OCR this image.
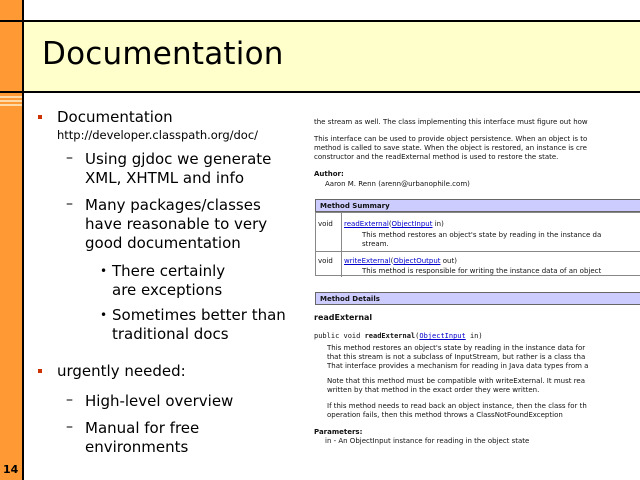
Documentation
14
Documentation
http://developer.classpath.org/doc/
– Using gjdoc we generate
XML, XHTML and info
– Many packages/classes
have reasonable to very
good documentation
• There certainly
are exceptions
• Sometimes better than
traditional docs
urgently needed:
– High-level overview
– Manual for free
environments
the stream as well. The class implementing this interface must figure out how
This interface can be used to provide object persistence. When an object is to
method is called to save state. When the object is restored, an instance is cre
constructor and the readExternal method is used to restore the state.
Author:
Aaron M. Renn (arenn@urbanophile.com)
Method Summary
void	readExternal(ObjectInput in)
This method restores an object's state by reading in the instance da
stream.
void	writeExternal(ObjectOutput out)
This method is responsible for writing the instance data of an object
Method Details
readExternal
public void readExternal(ObjectInput in)
This method restores an object's state by reading in the instance data for
that this stream is not a subclass of InputStream, but rather is a class tha
That interface provides a mechanism for reading in Java data types from a
Note that this method must be compatible with writeExternal. It must rea
written by that method in the exact order they were written.
If this method needs to read back an object instance, then the class for th
operation fails, then this method throws a ClassNotFoundException
Parameters:
in - An ObjectInput instance for reading in the object state
